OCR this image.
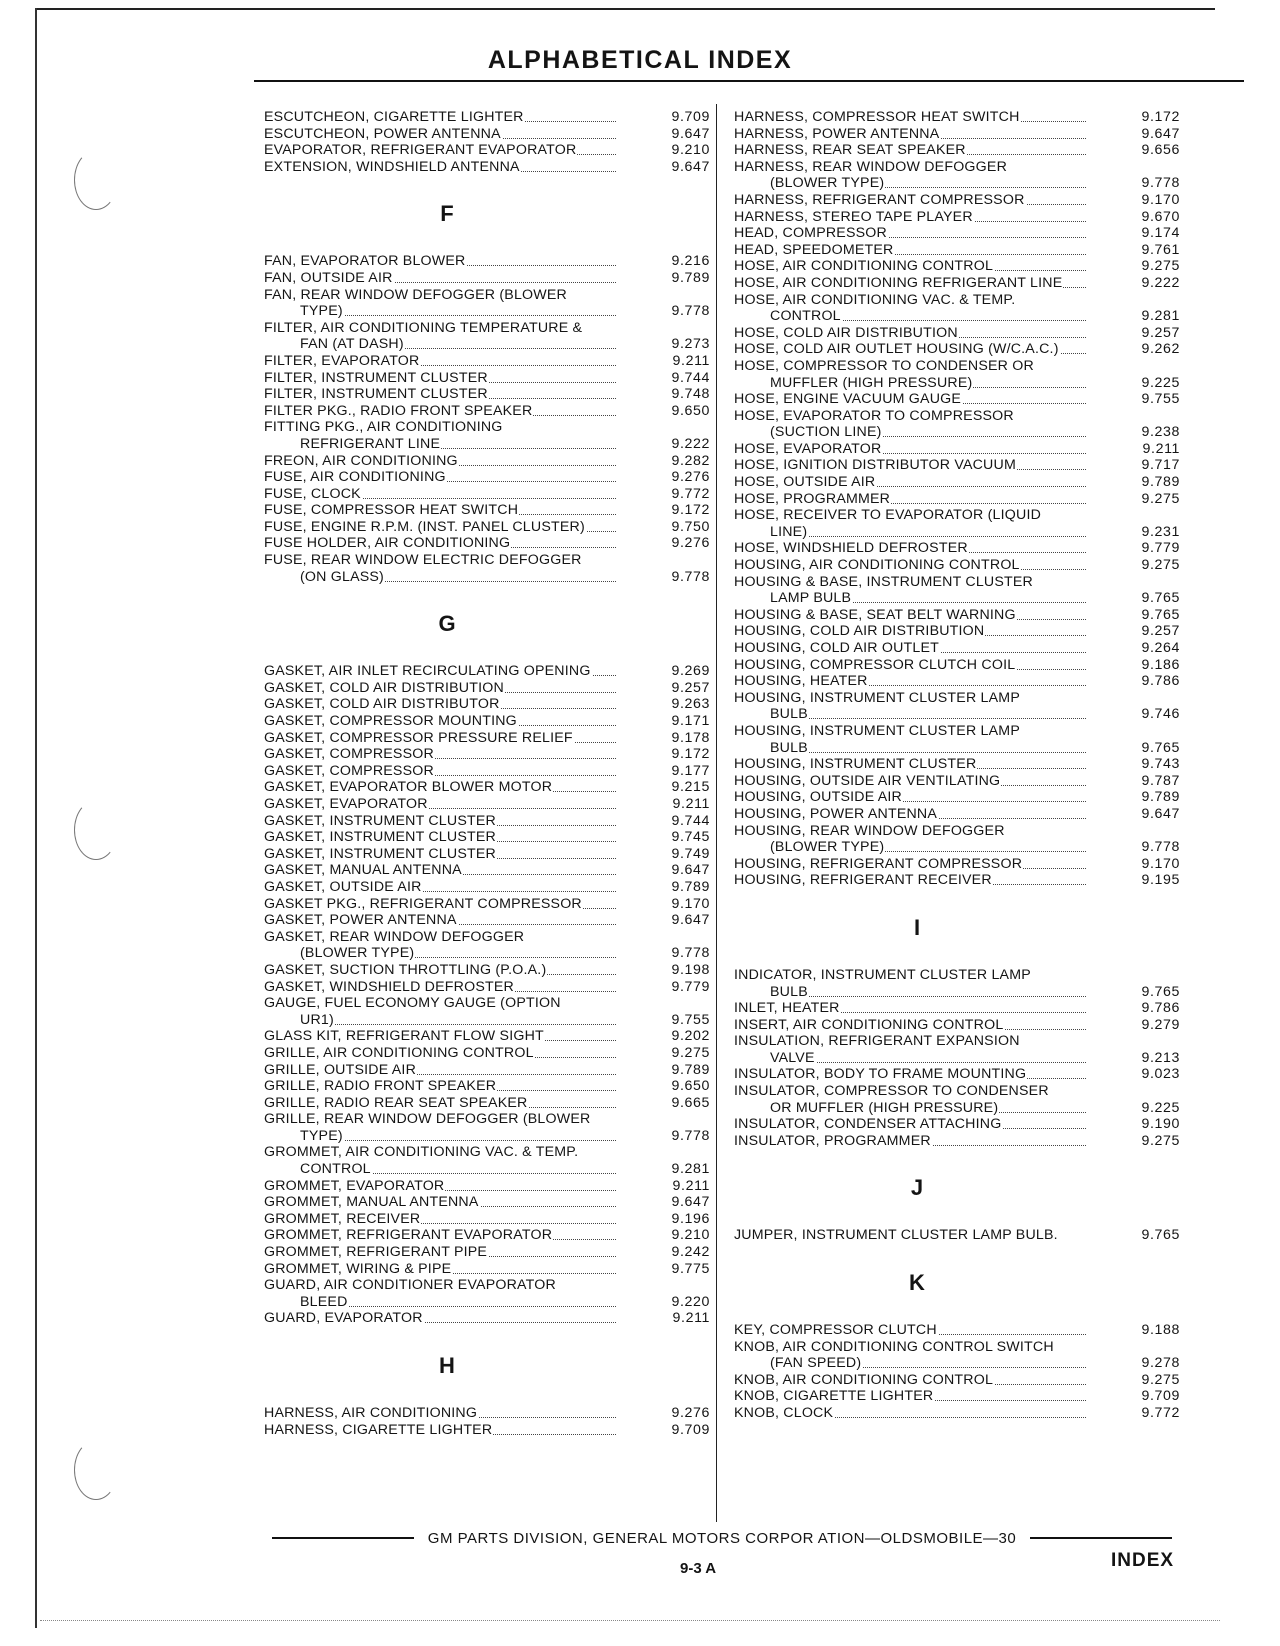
ALPHABETICAL INDEX
ESCUTCHEON, CIGARETTE LIGHTER	9.709
ESCUTCHEON, POWER ANTENNA	9.647
EVAPORATOR, REFRIGERANT EVAPORATOR	9.210
EXTENSION, WINDSHIELD ANTENNA	9.647
F
FAN, EVAPORATOR BLOWER	9.216
FAN, OUTSIDE AIR	9.789
FAN, REAR WINDOW DEFOGGER (BLOWER
TYPE)	9.778
FILTER, AIR CONDITIONING TEMPERATURE &
FAN (AT DASH)	9.273
FILTER, EVAPORATOR	9.211
FILTER, INSTRUMENT CLUSTER	9.744
FILTER, INSTRUMENT CLUSTER	9.748
FILTER PKG., RADIO FRONT SPEAKER	9.650
FITTING PKG., AIR CONDITIONING
REFRIGERANT LINE	9.222
FREON, AIR CONDITIONING	9.282
FUSE, AIR CONDITIONING	9.276
FUSE, CLOCK	9.772
FUSE, COMPRESSOR HEAT SWITCH	9.172
FUSE, ENGINE R.P.M. (INST. PANEL CLUSTER)	9.750
FUSE HOLDER, AIR CONDITIONING	9.276
FUSE, REAR WINDOW ELECTRIC DEFOGGER
(ON GLASS)	9.778
G
GASKET, AIR INLET RECIRCULATING OPENING	9.269
GASKET, COLD AIR DISTRIBUTION	9.257
GASKET, COLD AIR DISTRIBUTOR	9.263
GASKET, COMPRESSOR MOUNTING	9.171
GASKET, COMPRESSOR PRESSURE RELIEF	9.178
GASKET, COMPRESSOR	9.172
GASKET, COMPRESSOR	9.177
GASKET, EVAPORATOR BLOWER MOTOR	9.215
GASKET, EVAPORATOR	9.211
GASKET, INSTRUMENT CLUSTER	9.744
GASKET, INSTRUMENT CLUSTER	9.745
GASKET, INSTRUMENT CLUSTER	9.749
GASKET, MANUAL ANTENNA	9.647
GASKET, OUTSIDE AIR	9.789
GASKET PKG., REFRIGERANT COMPRESSOR	9.170
GASKET, POWER ANTENNA	9.647
GASKET, REAR WINDOW DEFOGGER
(BLOWER TYPE)	9.778
GASKET, SUCTION THROTTLING (P.O.A.)	9.198
GASKET, WINDSHIELD DEFROSTER	9.779
GAUGE, FUEL ECONOMY GAUGE (OPTION
UR1)	9.755
GLASS KIT, REFRIGERANT FLOW SIGHT	9.202
GRILLE, AIR CONDITIONING CONTROL	9.275
GRILLE, OUTSIDE AIR	9.789
GRILLE, RADIO FRONT SPEAKER	9.650
GRILLE, RADIO REAR SEAT SPEAKER	9.665
GRILLE, REAR WINDOW DEFOGGER (BLOWER
TYPE)	9.778
GROMMET, AIR CONDITIONING VAC. & TEMP.
CONTROL	9.281
GROMMET, EVAPORATOR	9.211
GROMMET, MANUAL ANTENNA	9.647
GROMMET, RECEIVER	9.196
GROMMET, REFRIGERANT EVAPORATOR	9.210
GROMMET, REFRIGERANT PIPE	9.242
GROMMET, WIRING & PIPE	9.775
GUARD, AIR CONDITIONER EVAPORATOR
BLEED	9.220
GUARD, EVAPORATOR	9.211
H
HARNESS, AIR CONDITIONING	9.276
HARNESS, CIGARETTE LIGHTER	9.709
HARNESS, COMPRESSOR HEAT SWITCH	9.172
HARNESS, POWER ANTENNA	9.647
HARNESS, REAR SEAT SPEAKER	9.656
HARNESS, REAR WINDOW DEFOGGER
(BLOWER TYPE)	9.778
HARNESS, REFRIGERANT COMPRESSOR	9.170
HARNESS, STEREO TAPE PLAYER	9.670
HEAD, COMPRESSOR	9.174
HEAD, SPEEDOMETER	9.761
HOSE, AIR CONDITIONING CONTROL	9.275
HOSE, AIR CONDITIONING REFRIGERANT LINE	9.222
HOSE, AIR CONDITIONING VAC. & TEMP.
CONTROL	9.281
HOSE, COLD AIR DISTRIBUTION	9.257
HOSE, COLD AIR OUTLET HOUSING (W/C.A.C.)	9.262
HOSE, COMPRESSOR TO CONDENSER OR
MUFFLER (HIGH PRESSURE)	9.225
HOSE, ENGINE VACUUM GAUGE	9.755
HOSE, EVAPORATOR TO COMPRESSOR
(SUCTION LINE)	9.238
HOSE, EVAPORATOR	9.211
HOSE, IGNITION DISTRIBUTOR VACUUM	9.717
HOSE, OUTSIDE AIR	9.789
HOSE, PROGRAMMER	9.275
HOSE, RECEIVER TO EVAPORATOR (LIQUID
LINE)	9.231
HOSE, WINDSHIELD DEFROSTER	9.779
HOUSING, AIR CONDITIONING CONTROL	9.275
HOUSING & BASE, INSTRUMENT CLUSTER
LAMP BULB	9.765
HOUSING & BASE, SEAT BELT WARNING	9.765
HOUSING, COLD AIR DISTRIBUTION	9.257
HOUSING, COLD AIR OUTLET	9.264
HOUSING, COMPRESSOR CLUTCH COIL	9.186
HOUSING, HEATER	9.786
HOUSING, INSTRUMENT CLUSTER LAMP
BULB	9.746
HOUSING, INSTRUMENT CLUSTER LAMP
BULB	9.765
HOUSING, INSTRUMENT CLUSTER	9.743
HOUSING, OUTSIDE AIR VENTILATING	9.787
HOUSING, OUTSIDE AIR	9.789
HOUSING, POWER ANTENNA	9.647
HOUSING, REAR WINDOW DEFOGGER
(BLOWER TYPE)	9.778
HOUSING, REFRIGERANT COMPRESSOR	9.170
HOUSING, REFRIGERANT RECEIVER	9.195
I
INDICATOR, INSTRUMENT CLUSTER LAMP
BULB	9.765
INLET, HEATER	9.786
INSERT, AIR CONDITIONING CONTROL	9.279
INSULATION, REFRIGERANT EXPANSION
VALVE	9.213
INSULATOR, BODY TO FRAME MOUNTING	9.023
INSULATOR, COMPRESSOR TO CONDENSER
OR MUFFLER (HIGH PRESSURE)	9.225
INSULATOR, CONDENSER ATTACHING	9.190
INSULATOR, PROGRAMMER	9.275
J
JUMPER, INSTRUMENT CLUSTER LAMP BULB.	9.765
K
KEY, COMPRESSOR CLUTCH	9.188
KNOB, AIR CONDITIONING CONTROL SWITCH
(FAN SPEED)	9.278
KNOB, AIR CONDITIONING CONTROL	9.275
KNOB, CIGARETTE LIGHTER	9.709
KNOB, CLOCK	9.772
GM PARTS DIVISION, GENERAL MOTORS CORPOR ATION—OLDSMOBILE—30
9-3 A	INDEX
